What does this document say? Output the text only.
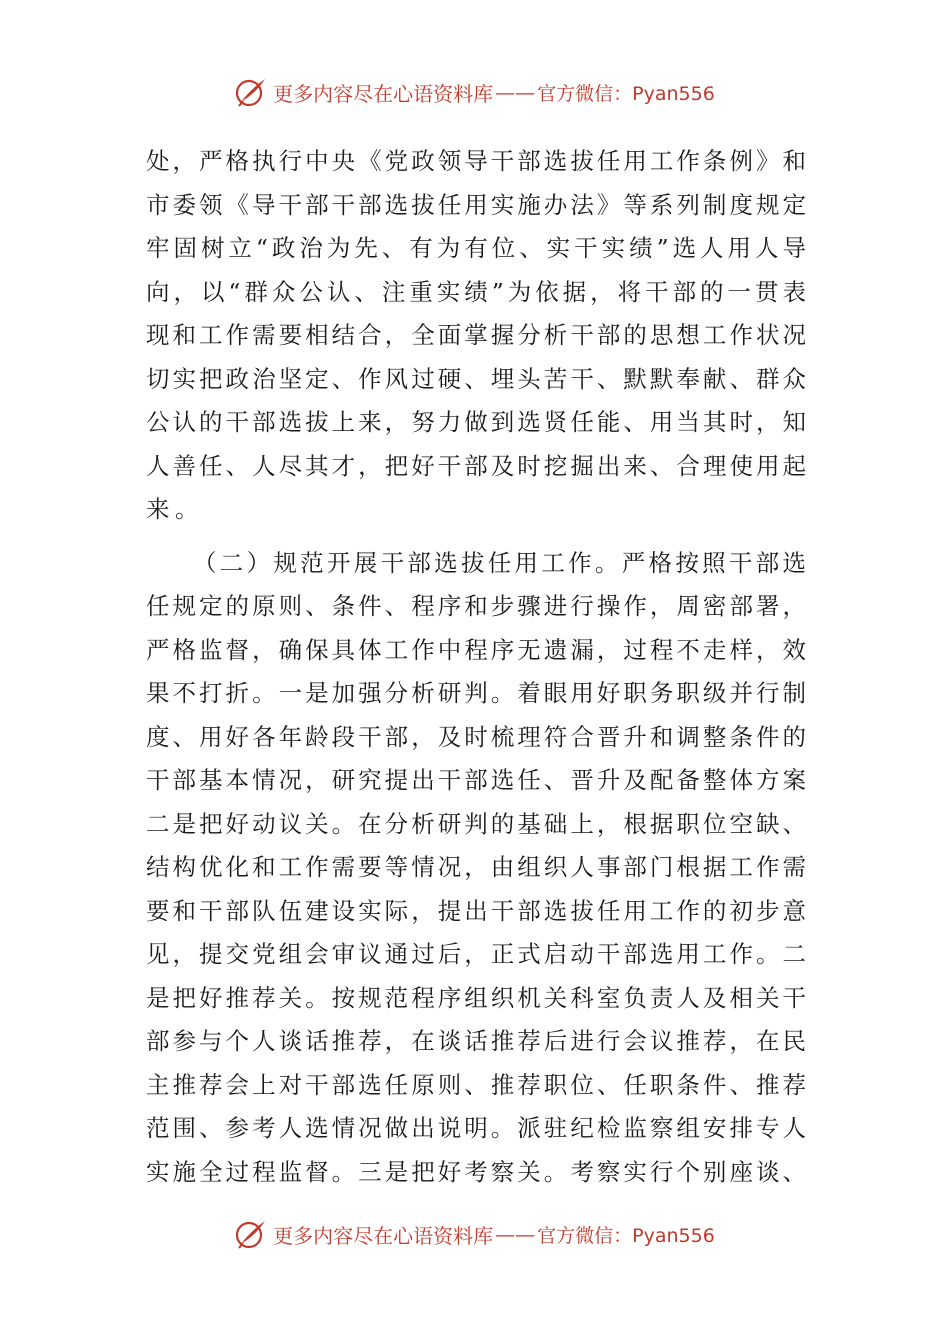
更多内容尽在心语资料库 —— 官方微信：Pyan556
处，严格执行中央《党政领导干部选拔任用工作条例》和
市委领《导干部干部选拔任用实施办法》等系列制度规定
牢固树立“政治为先、有为有位、实干实绩”选人用人导
向，以“群众公认、注重实绩”为依据，将干部的一贯表
现和工作需要相结合，全面掌握分析干部的思想工作状况
切实把政治坚定、作风过硬、埋头苦干、默默奉献、群众
公认的干部选拔上来，努力做到选贤任能、用当其时，知
人善任、人尽其才，把好干部及时挖掘出来、合理使用起
来。
（二）规范开展干部选拔任用工作。严格按照干部选
任规定的原则、条件、程序和步骤进行操作，周密部署，
严格监督，确保具体工作中程序无遗漏，过程不走样，效
果不打折。一是加强分析研判。着眼用好职务职级并行制
度、用好各年龄段干部，及时梳理符合晋升和调整条件的
干部基本情况，研究提出干部选任、晋升及配备整体方案
二是把好动议关。在分析研判的基础上，根据职位空缺、
结构优化和工作需要等情况，由组织人事部门根据工作需
要和干部队伍建设实际，提出干部选拔任用工作的初步意
见，提交党组会审议通过后，正式启动干部选用工作。二
是把好推荐关。按规范程序组织机关科室负责人及相关干
部参与个人谈话推荐，在谈话推荐后进行会议推荐，在民
主推荐会上对干部选任原则、推荐职位、任职条件、推荐
范围、参考人选情况做出说明。派驻纪检监察组安排专人
实施全过程监督。三是把好考察关。考察实行个别座谈、
更多内容尽在心语资料库 —— 官方微信：Pyan556
